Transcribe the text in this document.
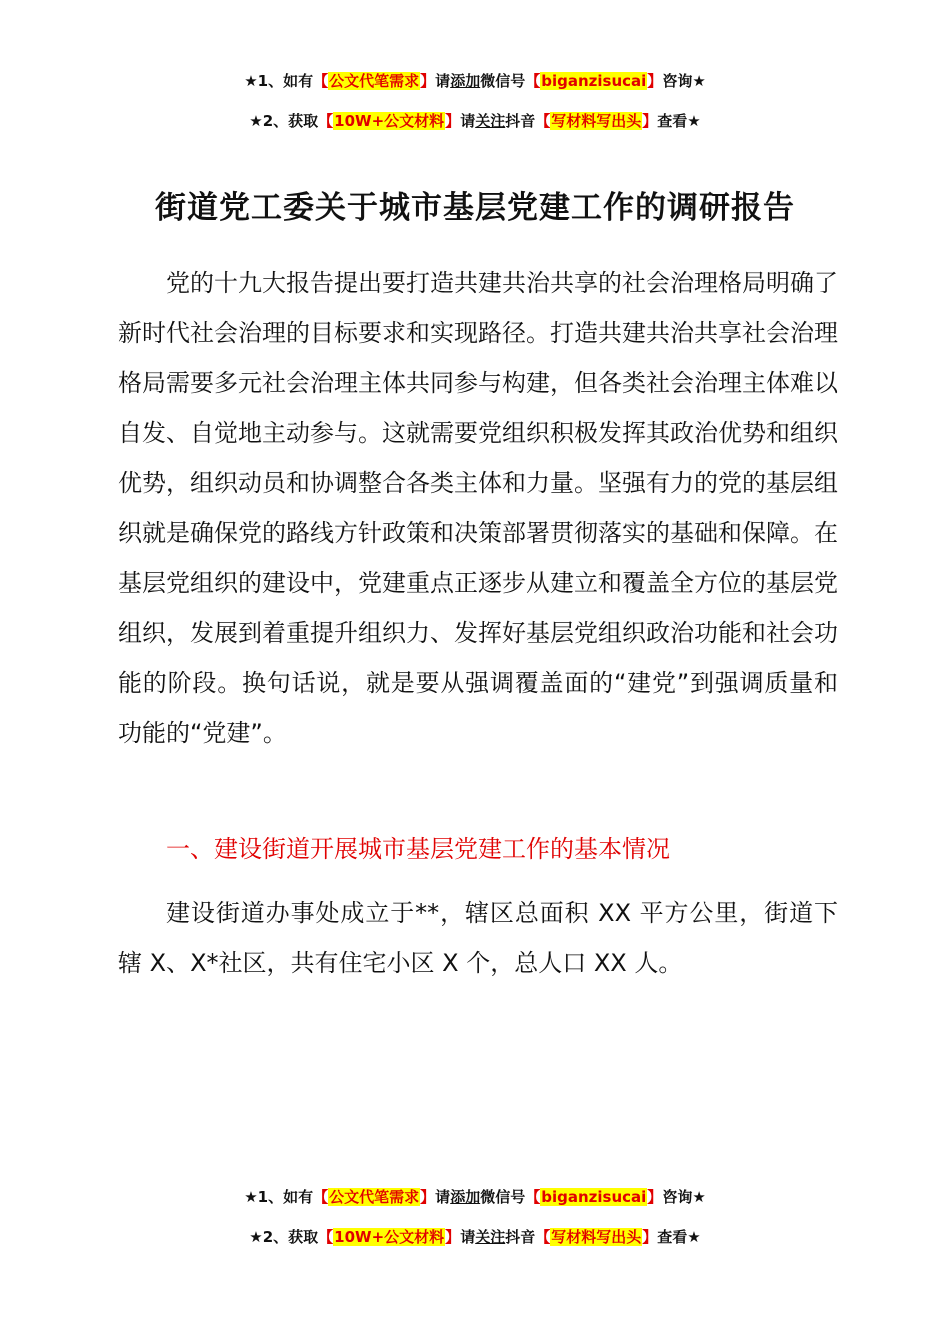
★1、如有【公文代笔需求】请添加微信号【biganzisucai】咨询★
★2、获取【10W+公文材料】请关注抖音【写材料写出头】查看★
街道党工委关于城市基层党建工作的调研报告
党的十九大报告提出要打造共建共治共享的社会治理格局明确了新时代社会治理的目标要求和实现路径。打造共建共治共享社会治理格局需要多元社会治理主体共同参与构建，但各类社会治理主体难以自发、自觉地主动参与。这就需要党组织积极发挥其政治优势和组织优势，组织动员和协调整合各类主体和力量。坚强有力的党的基层组织就是确保党的路线方针政策和决策部署贯彻落实的基础和保障。在基层党组织的建设中，党建重点正逐步从建立和覆盖全方位的基层党组织，发展到着重提升组织力、发挥好基层党组织政治功能和社会功能的阶段。换句话说，就是要从强调覆盖面的“建党”到强调质量和功能的“党建”。
一、建设街道开展城市基层党建工作的基本情况
建设街道办事处成立于**，辖区总面积 XX 平方公里，街道下辖 X、X*社区，共有住宅小区 X 个，总人口 XX 人。
★1、如有【公文代笔需求】请添加微信号【biganzisucai】咨询★
★2、获取【10W+公文材料】请关注抖音【写材料写出头】查看★
